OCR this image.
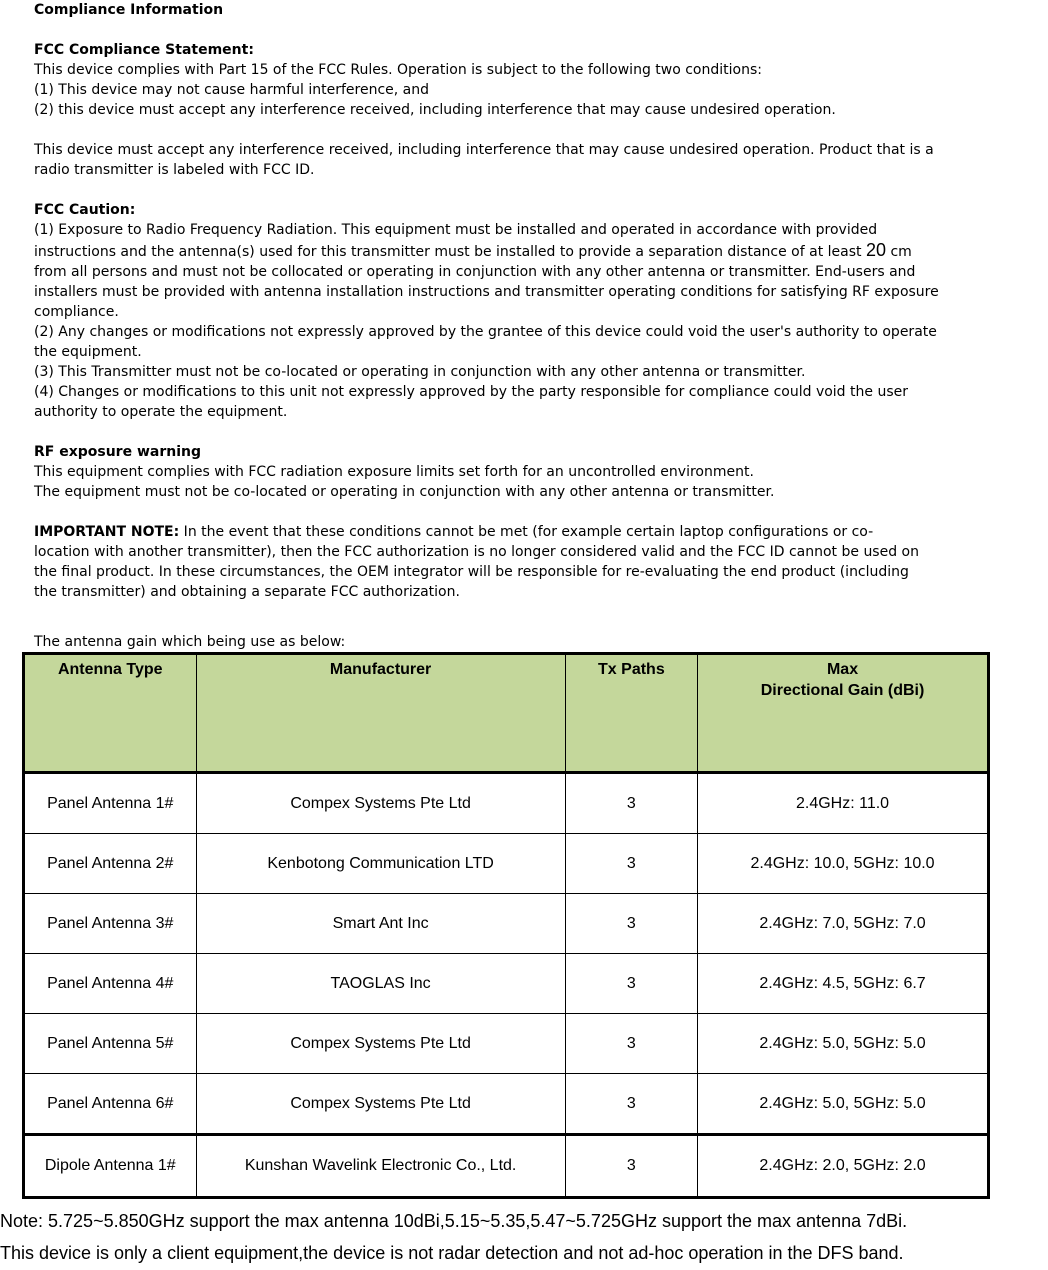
Compliance Information

FCC Compliance Statement:

This device complies with Part 15 of the FCC Rules. Operation is subject to the following two conditions:

(1) This device may not cause harmful interference, and

(2) this device must accept any interference received, including interference that may cause undesired operation.

This device must accept any interference received, including interference that may cause undesired operation. Product that is a

radio transmitter is labeled with FCC ID.

FCC Caution:

(1) Exposure to Radio Frequency Radiation. This equipment must be installed and operated in accordance with provided

instructions and the antenna(s) used for this transmitter must be installed to provide a separation distance of at least 20 cm

from all persons and must not be collocated or operating in conjunction with any other antenna or transmitter. End-users and

installers must be provided with antenna installation instructions and transmitter operating conditions for satisfying RF exposure

compliance.

(2) Any changes or modifications not expressly approved by the grantee of this device could void the user's authority to operate

the equipment.

(3) This Transmitter must not be co-located or operating in conjunction with any other antenna or transmitter.

(4) Changes or modifications to this unit not expressly approved by the party responsible for compliance could void the user

authority to operate the equipment.

RF exposure warning

This equipment complies with FCC radiation exposure limits set forth for an uncontrolled environment.

The equipment must not be co-located or operating in conjunction with any other antenna or transmitter.

IMPORTANT NOTE: In the event that these conditions cannot be met (for example certain laptop configurations or co-

location with another transmitter), then the FCC authorization is no longer considered valid and the FCC ID cannot be used on

the final product. In these circumstances, the OEM integrator will be responsible for re-evaluating the end product (including

the transmitter) and obtaining a separate FCC authorization.

The antenna gain which being use as below:

Antenna Type	Manufacturer	Tx Paths	Max
Directional Gain (dBi)
Panel Antenna 1#	Compex Systems Pte Ltd	3	2.4GHz: 11.0
Panel Antenna 2#	Kenbotong Communication LTD	3	2.4GHz: 10.0, 5GHz: 10.0
Panel Antenna 3#	Smart Ant Inc	3	2.4GHz: 7.0, 5GHz: 7.0
Panel Antenna 4#	TAOGLAS Inc	3	2.4GHz: 4.5, 5GHz: 6.7
Panel Antenna 5#	Compex Systems Pte Ltd	3	2.4GHz: 5.0, 5GHz: 5.0
Panel Antenna 6#	Compex Systems Pte Ltd	3	2.4GHz: 5.0, 5GHz: 5.0
Dipole Antenna 1#	Kunshan Wavelink Electronic Co., Ltd.	3	2.4GHz: 2.0, 5GHz: 2.0
Note: 5.725~5.850GHz support the max antenna 10dBi,5.15~5.35,5.47~5.725GHz support the max antenna 7dBi.
This device is only a client equipment,the device is not radar detection and not ad-hoc operation in the DFS band.
